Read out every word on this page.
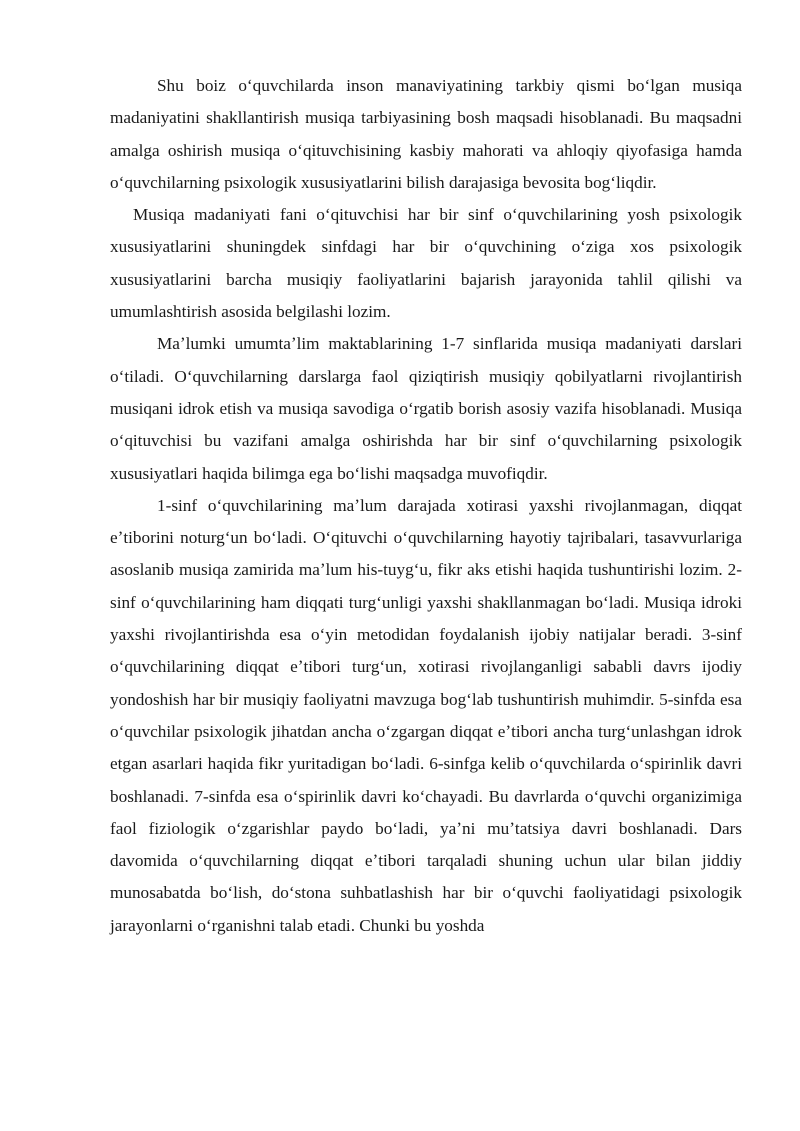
Shu boiz oʻquvchilarda inson manaviyatining tarkbiy qismi boʻlgan musiqa madaniyatini shakllantirish musiqa tarbiyasining bosh maqsadi hisoblanadi. Bu maqsadni amalga oshirish musiqa oʻqituvchisining kasbiy mahorati va ahloqiy qiyofasiga hamda oʻquvchilarning psixologik xususiyatlarini bilish darajasiga bevosita bogʻliqdir.

Musiqa madaniyati fani oʻqituvchisi har bir sinf oʻquvchilarining yosh psixologik xususiyatlarini shuningdek sinfdagi har bir oʻquvchining oʻziga xos psixologik xususiyatlarini barcha musiqiy faoliyatlarini bajarish jarayonida tahlil qilishi va umumlashtirish asosida belgilashi lozim.

Maʼlumki umumtaʼlim maktablarining 1-7 sinflarida musiqa madaniyati darslari oʻtiladi. Oʻquvchilarning darslarga faol qiziqtirish musiqiy qobilyatlarni rivojlantirish musiqani idrok etish va musiqa savodiga oʻrgatib borish asosiy vazifa hisoblanadi. Musiqa oʻqituvchisi bu vazifani amalga oshirishda har bir sinf oʻquvchilarning psixologik xususiyatlari haqida bilimga ega boʻlishi maqsadga muvofiqdir.

1-sinf oʻquvchilarining maʼlum darajada xotirasi yaxshi rivojlanmagan, diqqat eʼtiborini noturgʻun boʻladi. Oʻqituvchi oʻquvchilarning hayotiy tajribalari, tasavvurlariga asoslanib musiqa zamirida maʼlum his-tuygʻu, fikr aks etishi haqida tushuntirishi lozim. 2-sinf oʻquvchilarining ham diqqati turgʻunligi yaxshi shakllanmagan boʻladi. Musiqa idroki yaxshi rivojlantirishda esa oʻyin metodidan foydalanish ijobiy natijalar beradi. 3-sinf oʻquvchilarining diqqat eʼtibori turgʻun, xotirasi rivojlanganligi sababli davrs ijodiy yondoshish har bir musiqiy faoliyatni mavzuga bogʻlab tushuntirish muhimdir. 5-sinfda esa oʻquvchilar psixologik jihatdan ancha oʻzgargan diqqat eʼtibori ancha turgʻunlashgan idrok etgan asarlari haqida fikr yuritadigan boʻladi. 6-sinfga kelib oʻquvchilarda oʻspirinlik davri boshlanadi. 7-sinfda esa oʻspirinlik davri koʻchayadi. Bu davrlarda oʻquvchi organizimiga faol fiziologik oʻzgarishlar paydo boʻladi, yaʼni muʼtatsiya davri boshlanadi. Dars davomida oʻquvchilarning diqqat eʼtibori tarqaladi shuning uchun ular bilan jiddiy munosabatda boʻlish, doʻstona suhbatlashish har bir oʻquvchi faoliyatidagi psixologik jarayonlarni oʻrganishni talab etadi. Chunki bu yoshda
